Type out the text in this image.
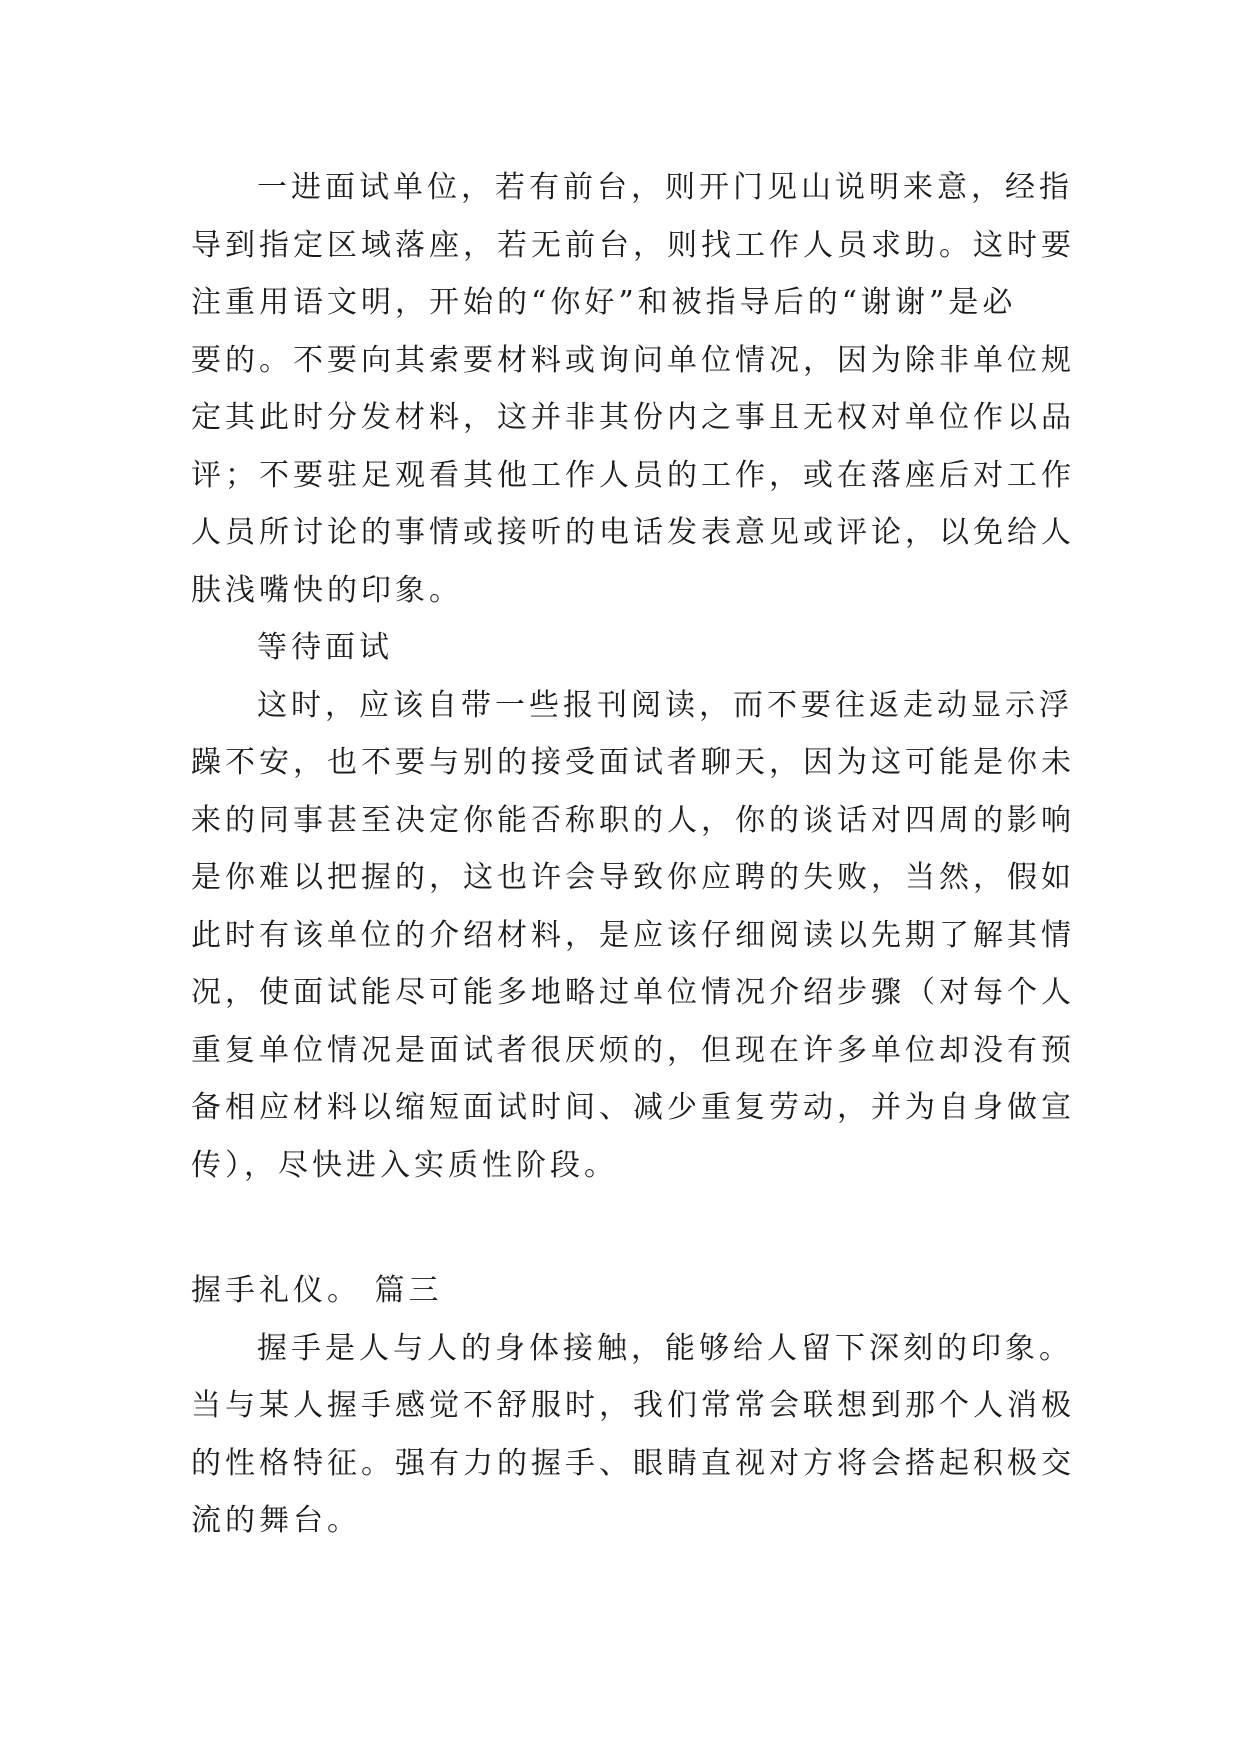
一进面试单位，若有前台，则开门见山说明来意，经指
导到指定区域落座，若无前台，则找工作人员求助。这时要
注重用语文明，开始的“你好”和被指导后的“谢谢”是必
要的。不要向其索要材料或询问单位情况，因为除非单位规
定其此时分发材料，这并非其份内之事且无权对单位作以品
评；不要驻足观看其他工作人员的工作，或在落座后对工作
人员所讨论的事情或接听的电话发表意见或评论，以免给人
肤浅嘴快的印象。
等待面试
这时，应该自带一些报刊阅读，而不要往返走动显示浮
躁不安，也不要与别的接受面试者聊天，因为这可能是你未
来的同事甚至决定你能否称职的人，你的谈话对四周的影响
是你难以把握的，这也许会导致你应聘的失败，当然，假如
此时有该单位的介绍材料，是应该仔细阅读以先期了解其情
况，使面试能尽可能多地略过单位情况介绍步骤（对每个人
重复单位情况是面试者很厌烦的，但现在许多单位却没有预
备相应材料以缩短面试时间、减少重复劳动，并为自身做宣
传），尽快进入实质性阶段。
握手礼仪。 篇三
握手是人与人的身体接触，能够给人留下深刻的印象。
当与某人握手感觉不舒服时，我们常常会联想到那个人消极
的性格特征。强有力的握手、眼睛直视对方将会搭起积极交
流的舞台。
